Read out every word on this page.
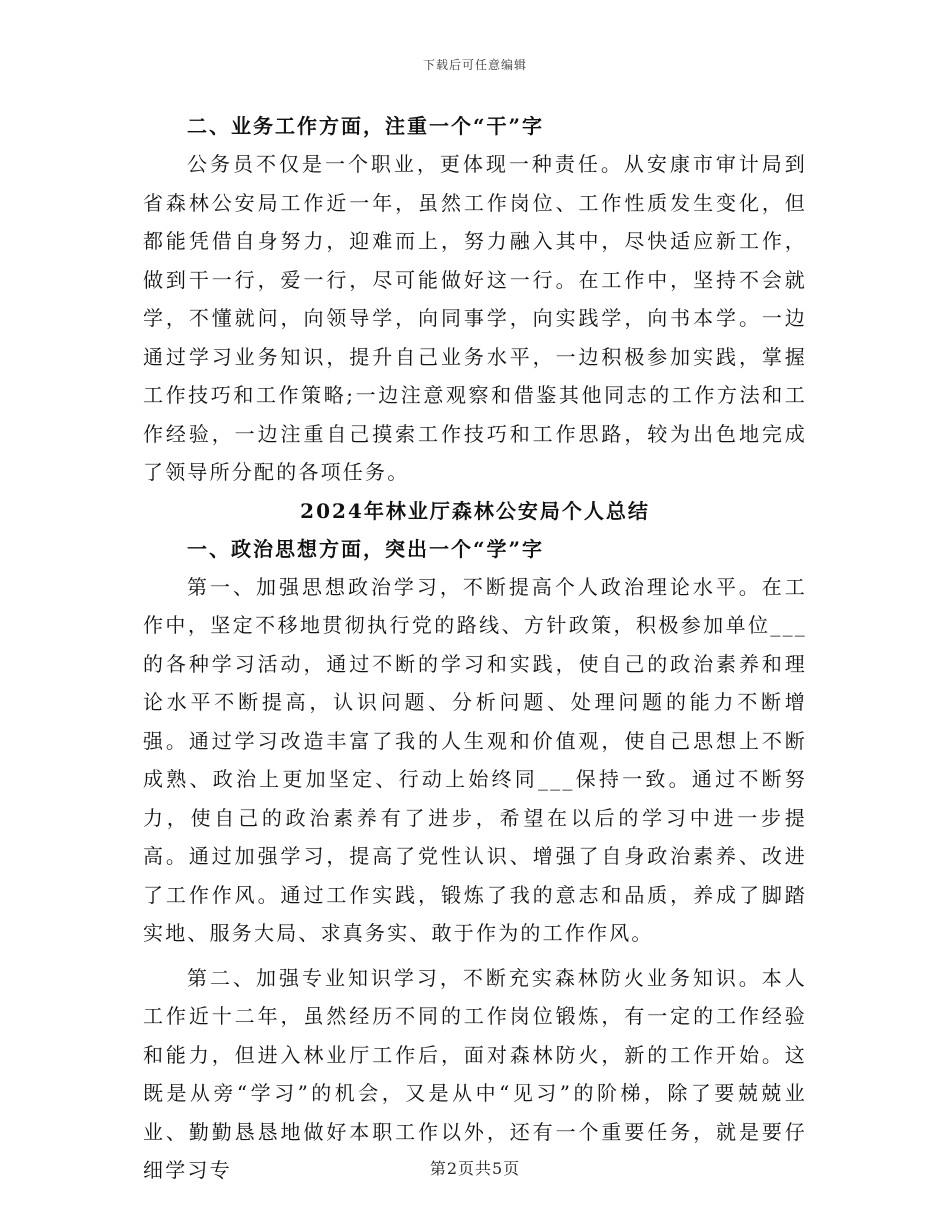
下载后可任意编辑

二、业务工作方面，注重一个“干”字

公务员不仅是一个职业，更体现一种责任。从安康市审计局到省森林公安局工作近一年，虽然工作岗位、工作性质发生变化，但都能凭借自身努力，迎难而上，努力融入其中，尽快适应新工作，做到干一行，爱一行，尽可能做好这一行。在工作中，坚持不会就学，不懂就问，向领导学，向同事学，向实践学，向书本学。一边通过学习业务知识，提升自己业务水平，一边积极参加实践，掌握工作技巧和工作策略;一边注意观察和借鉴其他同志的工作方法和工作经验，一边注重自己摸索工作技巧和工作思路，较为出色地完成了领导所分配的各项任务。

2024年林业厅森林公安局个人总结

一、政治思想方面，突出一个“学”字

第一、加强思想政治学习，不断提高个人政治理论水平。在工作中，坚定不移地贯彻执行党的路线、方针政策，积极参加单位___的各种学习活动，通过不断的学习和实践，使自己的政治素养和理论水平不断提高，认识问题、分析问题、处理问题的能力不断增强。通过学习改造丰富了我的人生观和价值观，使自己思想上不断成熟、政治上更加坚定、行动上始终同___保持一致。通过不断努力，使自己的政治素养有了进步，希望在以后的学习中进一步提高。通过加强学习，提高了党性认识、增强了自身政治素养、改进了工作作风。通过工作实践，锻炼了我的意志和品质，养成了脚踏实地、服务大局、求真务实、敢于作为的工作作风。

第二、加强专业知识学习，不断充实森林防火业务知识。本人工作近十二年，虽然经历不同的工作岗位锻炼，有一定的工作经验和能力，但进入林业厅工作后，面对森林防火，新的工作开始。这既是从旁“学习”的机会，又是从中“见习”的阶梯，除了要兢兢业业、勤勤恳恳地做好本职工作以外，还有一个重要任务，就是要仔细学习专	第2页共5页
